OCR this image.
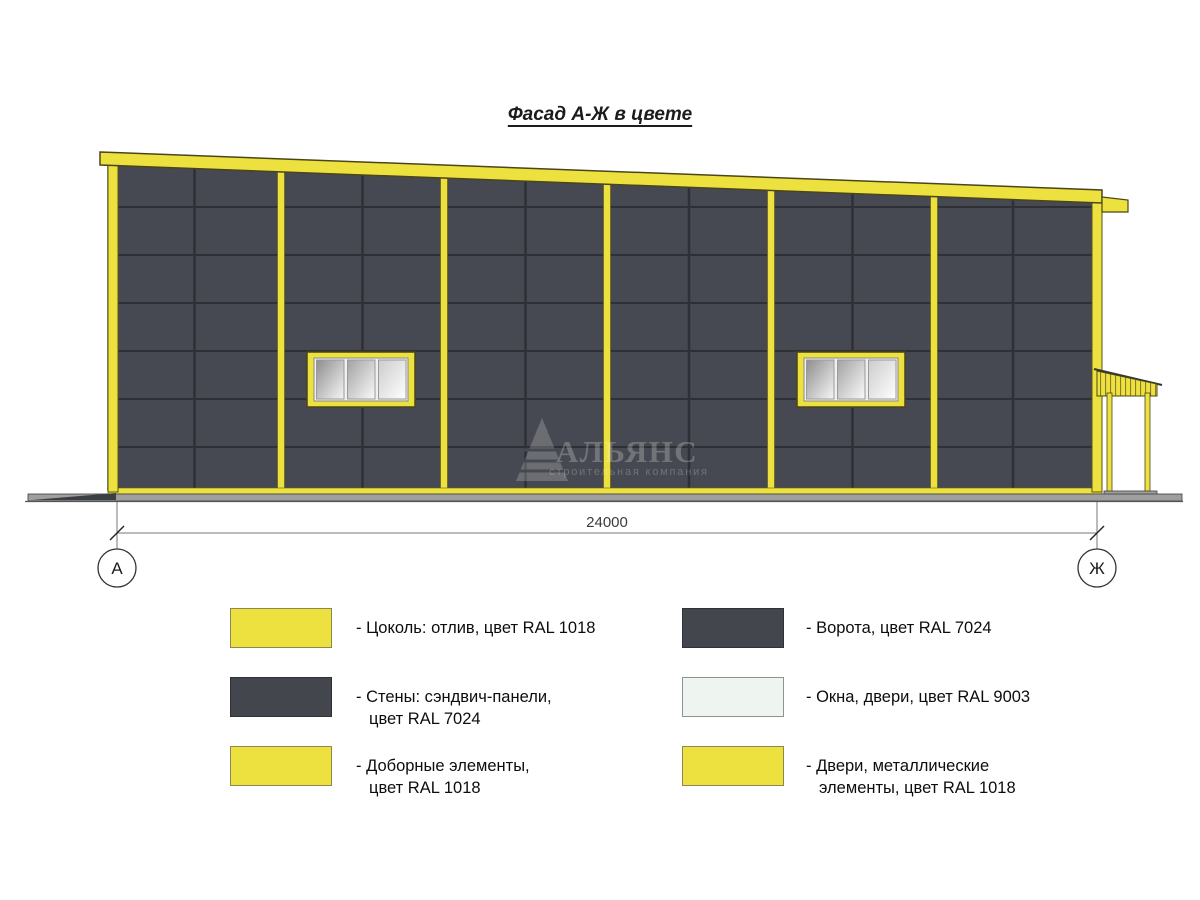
Фасад А-Ж в цвете
АЛЬЯНС
строительная компания
24000
А	Ж
- Цоколь: отлив, цвет RAL 1018
- Стены: сэндвич-панели,
цвет RAL 7024
- Доборные элементы,
цвет RAL 1018
- Ворота, цвет RAL 7024
- Окна, двери, цвет RAL 9003
- Двери, металлические
элементы, цвет RAL 1018
